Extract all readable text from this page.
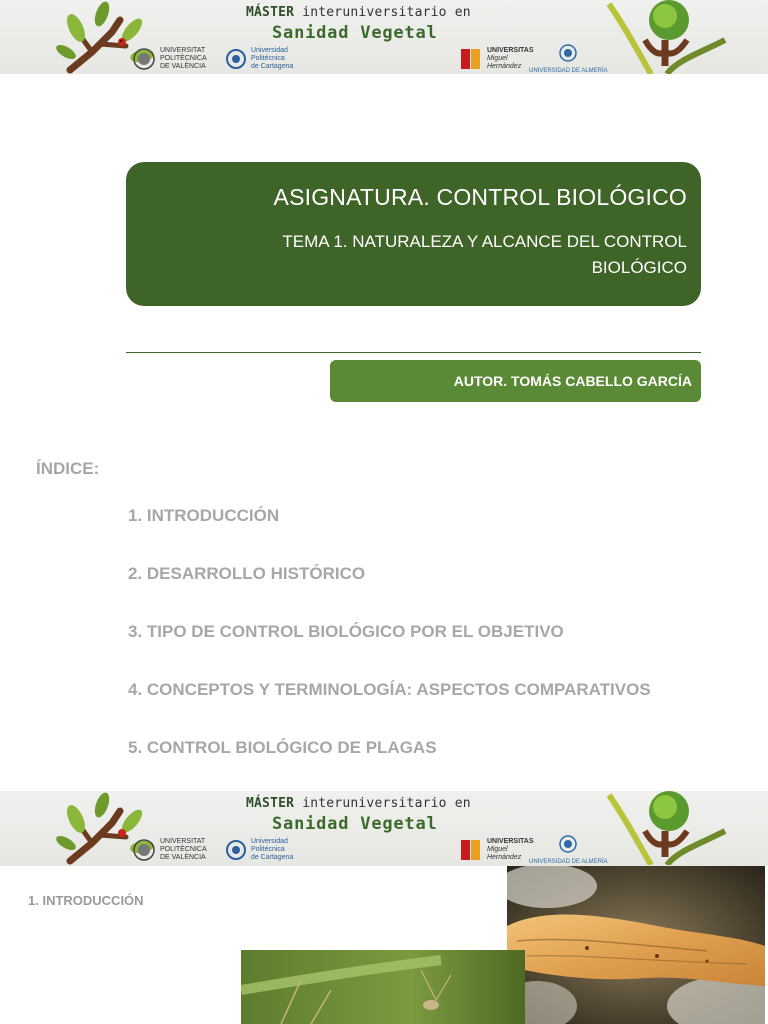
MÁSTER interuniversitario en
Sanidad Vegetal
UNIVERSITAT
POLITÈCNICA
DE VALÈNCIA
Universidad
Politécnica
de Cartagena
UNIVERSITAS
Miguel
Hernández
UNIVERSIDAD DE ALMERÍA
ASIGNATURA. CONTROL BIOLÓGICO
TEMA 1. NATURALEZA Y ALCANCE DEL CONTROL BIOLÓGICO
AUTOR. TOMÁS CABELLO GARCÍA
ÍNDICE:
1. INTRODUCCIÓN
2. DESARROLLO HISTÓRICO
3. TIPO DE CONTROL BIOLÓGICO POR EL OBJETIVO
4. CONCEPTOS Y TERMINOLOGÍA: ASPECTOS COMPARATIVOS
5. CONTROL BIOLÓGICO DE PLAGAS
MÁSTER interuniversitario en
Sanidad Vegetal
UNIVERSITAT
POLITÈCNICA
DE VALÈNCIA
Universidad
Politécnica
de Cartagena
UNIVERSITAS
Miguel
Hernández
UNIVERSIDAD DE ALMERÍA
1. INTRODUCCIÓN
